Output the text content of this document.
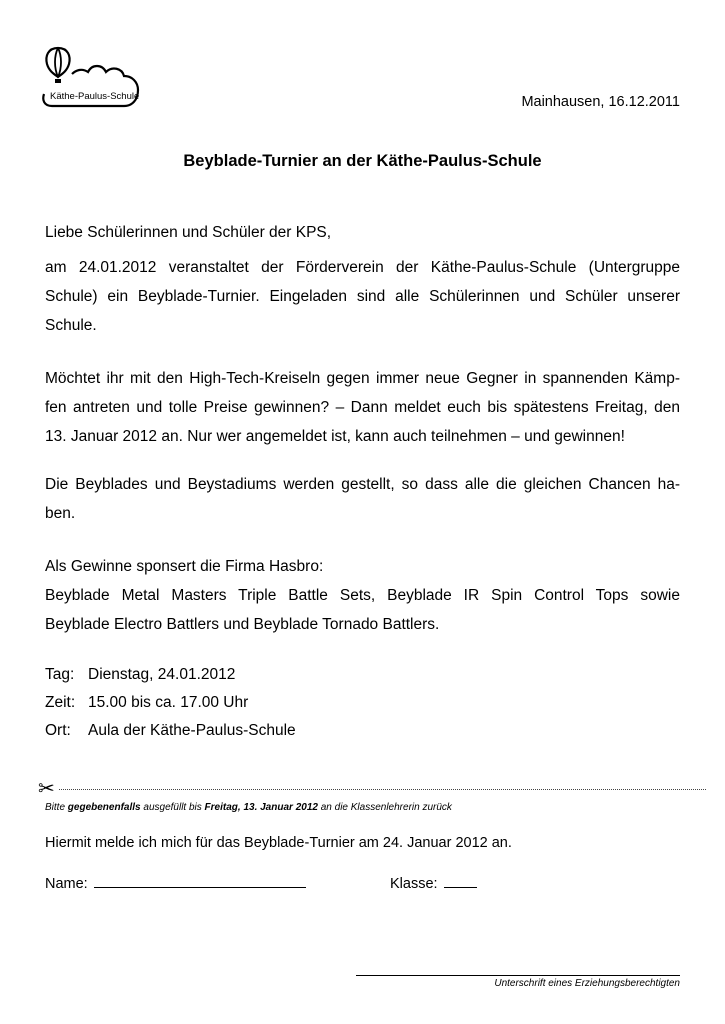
Käthe-Paulus-Schule	Mainhausen, 16.12.2011
Beyblade-Turnier an der Käthe-Paulus-Schule
Liebe Schülerinnen und Schüler der KPS,
am 24.01.2012 veranstaltet der Förderverein der Käthe-Paulus-Schule (Untergruppe
Schule) ein Beyblade-Turnier. Eingeladen sind alle Schülerinnen und Schüler unserer
Schule.
Möchtet ihr mit den High-Tech-Kreiseln gegen immer neue Gegner in spannenden Kämp-
fen antreten und tolle Preise gewinnen? – Dann meldet euch bis spätestens Freitag, den
13. Januar 2012 an. Nur wer angemeldet ist, kann auch teilnehmen – und gewinnen!
Die Beyblades und Beystadiums werden gestellt, so dass alle die gleichen Chancen ha-
ben.
Als Gewinne sponsert die Firma Hasbro:
Beyblade Metal Masters Triple Battle Sets, Beyblade IR Spin Control Tops sowie
Beyblade Electro Battlers und Beyblade Tornado Battlers.
Tag: Dienstag, 24.01.2012
Zeit: 15.00 bis ca. 17.00 Uhr
Ort: Aula der Käthe-Paulus-Schule
✂
Bitte gegebenenfalls ausgefüllt bis Freitag, 13. Januar 2012 an die Klassenlehrerin zurück
Hiermit melde ich mich für das Beyblade-Turnier am 24. Januar 2012 an.
Name:	Klasse:
Unterschrift eines Erziehungsberechtigten
